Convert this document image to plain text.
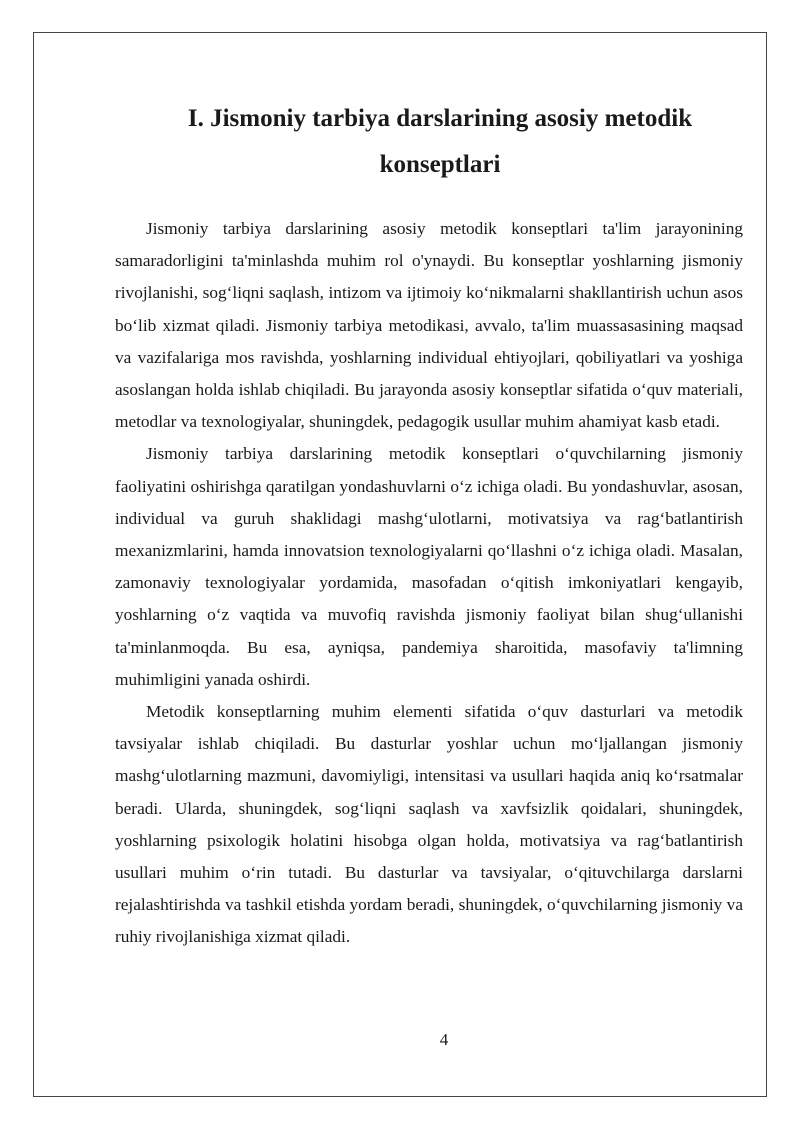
I. Jismoniy tarbiya darslarining asosiy metodik
konseptlari

Jismoniy tarbiya darslarining asosiy metodik konseptlari ta'lim jarayonining samaradorligini ta'minlashda muhim rol o'ynaydi. Bu konseptlar yoshlarning jismoniy rivojlanishi, sog‘liqni saqlash, intizom va ijtimoiy ko‘nikmalarni shakllantirish uchun asos bo‘lib xizmat qiladi. Jismoniy tarbiya metodikasi, avvalo, ta'lim muassasasining maqsad va vazifalariga mos ravishda, yoshlarning individual ehtiyojlari, qobiliyatlari va yoshiga asoslangan holda ishlab chiqiladi. Bu jarayonda asosiy konseptlar sifatida o‘quv materiali, metodlar va texnologiyalar, shuningdek, pedagogik usullar muhim ahamiyat kasb etadi.

Jismoniy tarbiya darslarining metodik konseptlari o‘quvchilarning jismoniy faoliyatini oshirishga qaratilgan yondashuvlarni o‘z ichiga oladi. Bu yondashuvlar, asosan, individual va guruh shaklidagi mashg‘ulotlarni, motivatsiya va rag‘batlantirish mexanizmlarini, hamda innovatsion texnologiyalarni qo‘llashni o‘z ichiga oladi. Masalan, zamonaviy texnologiyalar yordamida, masofadan o‘qitish imkoniyatlari kengayib, yoshlarning o‘z vaqtida va muvofiq ravishda jismoniy faoliyat bilan shug‘ullanishi ta'minlanmoqda. Bu esa, ayniqsa, pandemiya sharoitida, masofaviy ta'limning muhimligini yanada oshirdi.

Metodik konseptlarning muhim elementi sifatida o‘quv dasturlari va metodik tavsiyalar ishlab chiqiladi. Bu dasturlar yoshlar uchun mo‘ljallangan jismoniy mashg‘ulotlarning mazmuni, davomiyligi, intensitasi va usullari haqida aniq ko‘rsatmalar beradi. Ularda, shuningdek, sog‘liqni saqlash va xavfsizlik qoidalari, shuningdek, yoshlarning psixologik holatini hisobga olgan holda, motivatsiya va rag‘batlantirish usullari muhim o‘rin tutadi. Bu dasturlar va tavsiyalar, o‘qituvchilarga darslarni rejalashtirishda va tashkil etishda yordam beradi, shuningdek, o‘quvchilarning jismoniy va ruhiy rivojlanishiga xizmat qiladi.

4
